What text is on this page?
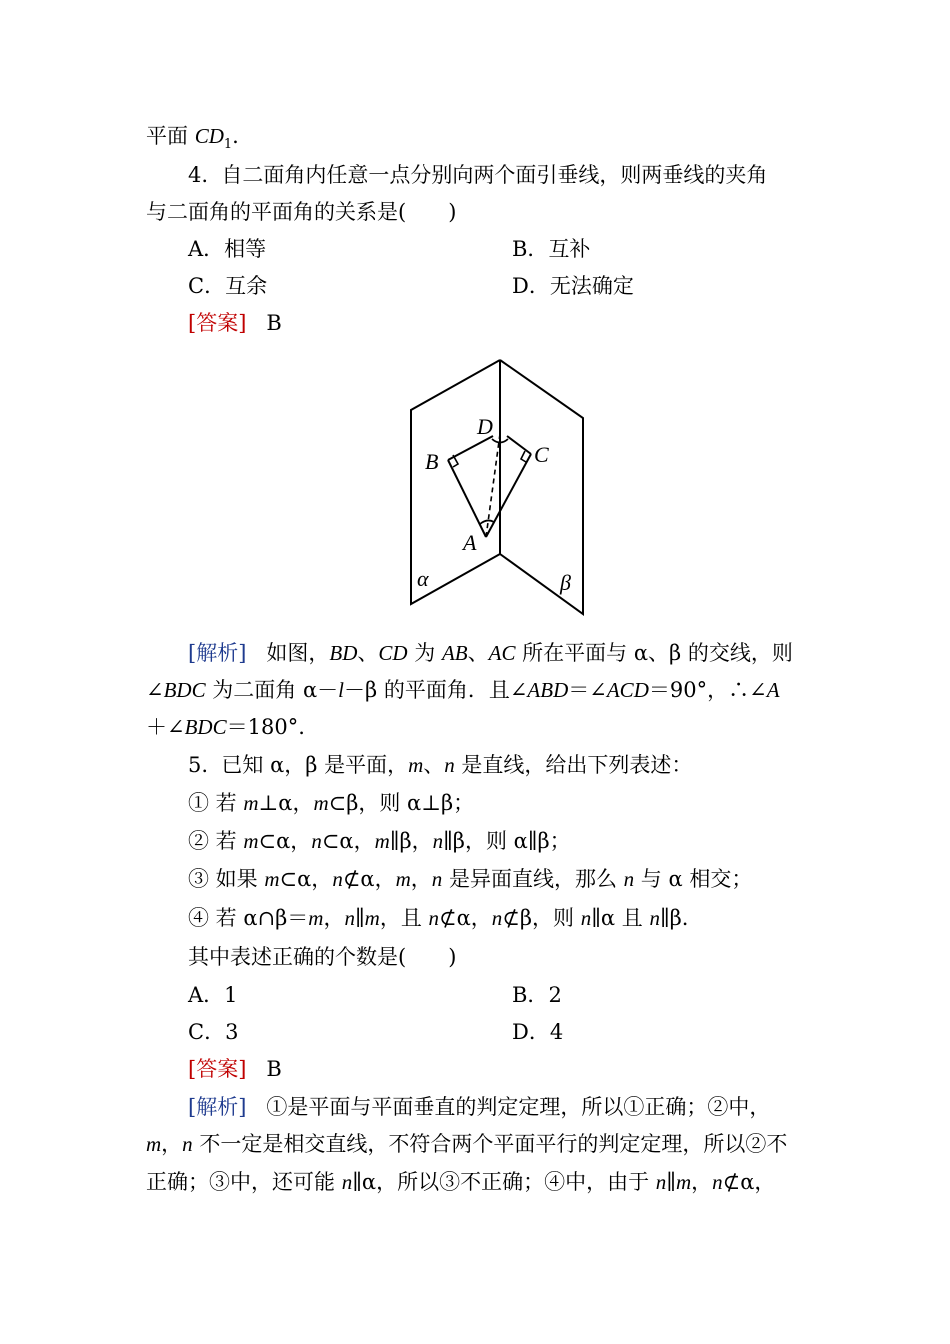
平面 $CD_1$.
4. 自二面角内任意一点分别向两个面引垂线，则两垂线的夹角
与二面角的平面角的关系是(　　)
A．相等	B．互补
C．互余	D．无法确定
[答案] B
D
B	C
A
α	β
[解析] 如图，BD、CD 为 AB、AC 所在平面与 α、β 的交线，则
∠BDC 为二面角 α－l－β 的平面角．且∠ABD＝∠ACD＝90°，∴∠A
＋∠BDC＝180°.
5. 已知 α，β 是平面，m、n 是直线，给出下列表述：
① 若 m⊥α，m⊂β，则 α⊥β；
② 若 m⊂α，n⊂α，m∥β，n∥β，则 α∥β；
③ 如果 m⊂α，n⊄α，m，n 是异面直线，那么 n 与 α 相交；
④ 若 α∩β＝m，n∥m，且 n⊄α，n⊄β，则 n∥α 且 n∥β.
其中表述正确的个数是(　　)
A．1	B．2
C．3	D．4
[答案] B
[解析] ①是平面与平面垂直的判定定理，所以①正确；②中，
m，n 不一定是相交直线，不符合两个平面平行的判定定理，所以②不
正确；③中，还可能 n∥α，所以③不正确；④中，由于 n∥m，n⊄α，
